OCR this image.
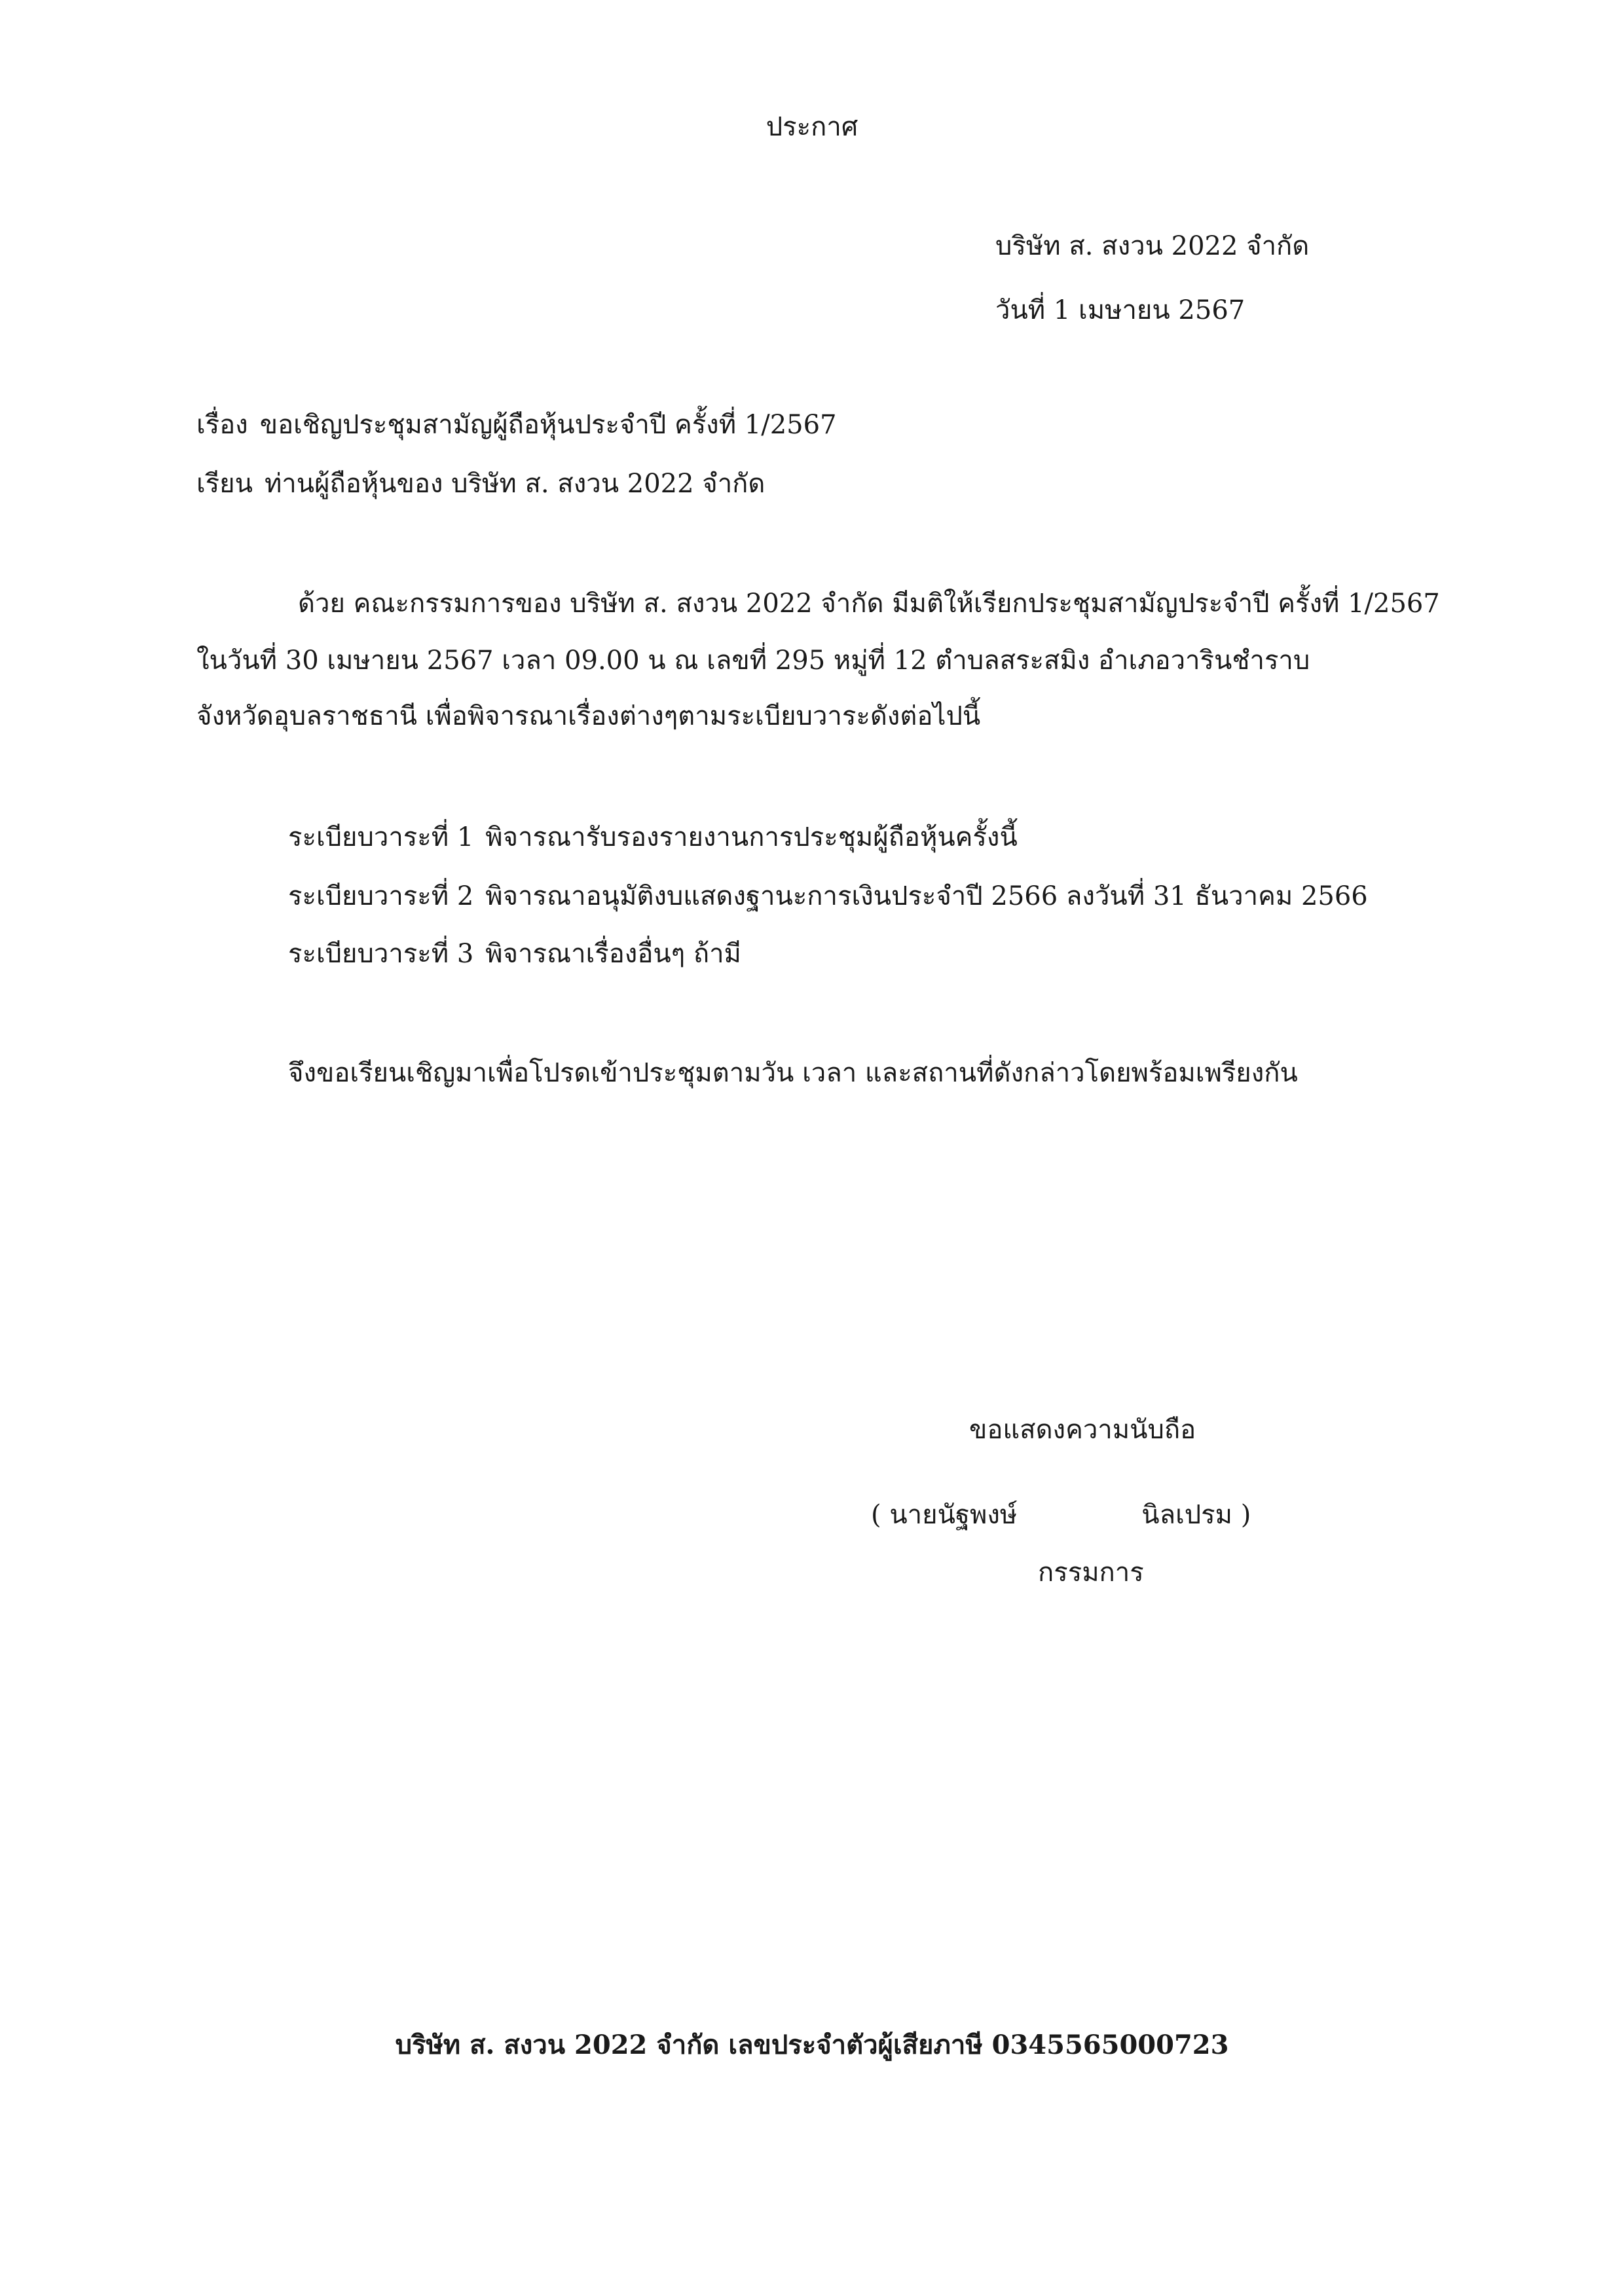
ประกาศ
บริษัท ส. สงวน 2022 จำกัด
วันที่ 1 เมษายน 2567
เรื่อง ขอเชิญประชุมสามัญผู้ถือหุ้นประจำปี ครั้งที่ 1/2567
เรียน ท่านผู้ถือหุ้นของ บริษัท ส. สงวน 2022 จำกัด
ด้วย คณะกรรมการของ บริษัท ส. สงวน 2022 จำกัด มีมติให้เรียกประชุมสามัญประจำปี ครั้งที่ 1/2567
ในวันที่ 30 เมษายน 2567 เวลา 09.00 น ณ เลขที่ 295 หมู่ที่ 12 ตำบลสระสมิง อำเภอวารินชำราบ
จังหวัดอุบลราชธานี เพื่อพิจารณาเรื่องต่างๆตามระเบียบวาระดังต่อไปนี้
ระเบียบวาระที่ 1 พิจารณารับรองรายงานการประชุมผู้ถือหุ้นครั้งนี้
ระเบียบวาระที่ 2 พิจารณาอนุมัติงบแสดงฐานะการเงินประจำปี 2566 ลงวันที่ 31 ธันวาคม 2566
ระเบียบวาระที่ 3 พิจารณาเรื่องอื่นๆ ถ้ามี
จึงขอเรียนเชิญมาเพื่อโปรดเข้าประชุมตามวัน เวลา และสถานที่ดังกล่าวโดยพร้อมเพรียงกัน
ขอแสดงความนับถือ
( นายนัฐพงษ์	นิลเปรม )
กรรมการ
บริษัท ส. สงวน 2022 จำกัด เลขประจำตัวผู้เสียภาษี 0345565000723
